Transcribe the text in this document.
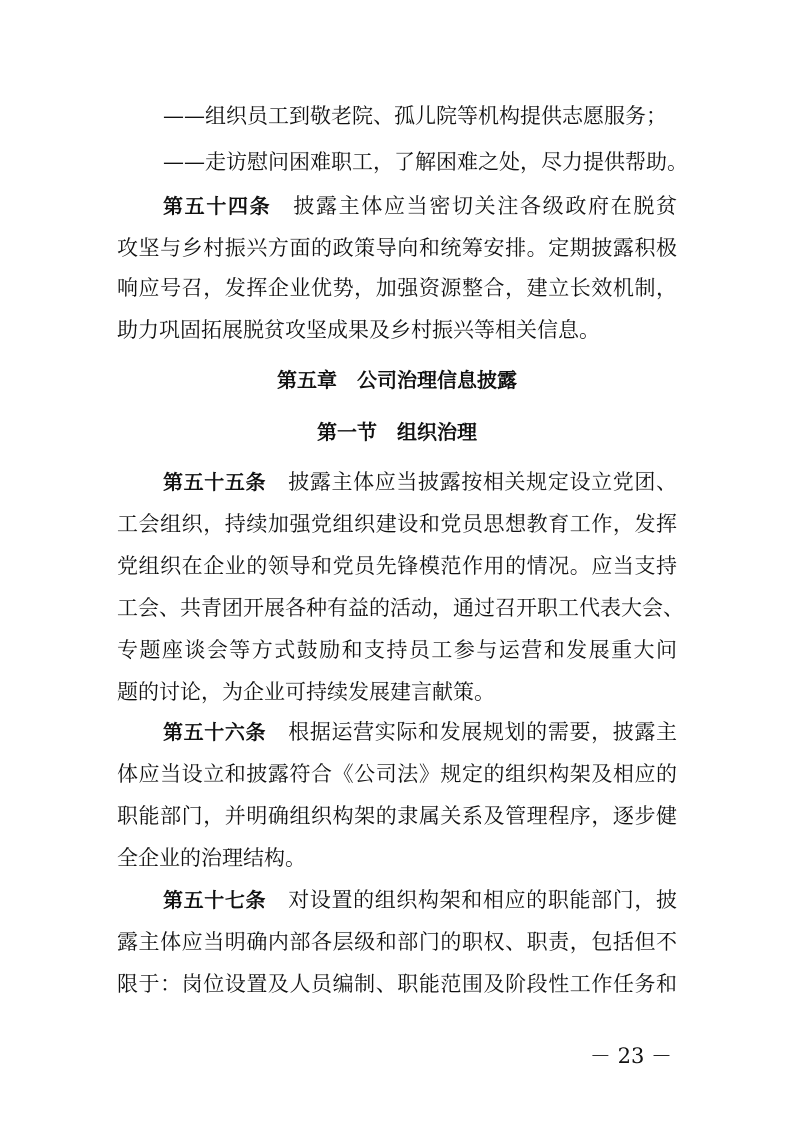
——组织员工到敬老院、孤儿院等机构提供志愿服务；
——走访慰问困难职工，了解困难之处，尽力提供帮助。
第五十四条 披露主体应当密切关注各级政府在脱贫
攻坚与乡村振兴方面的政策导向和统筹安排。定期披露积极
响应号召，发挥企业优势，加强资源整合，建立长效机制，
助力巩固拓展脱贫攻坚成果及乡村振兴等相关信息。
第五章　公司治理信息披露
第一节　组织治理
第五十五条 披露主体应当披露按相关规定设立党团、
工会组织，持续加强党组织建设和党员思想教育工作，发挥
党组织在企业的领导和党员先锋模范作用的情况。应当支持
工会、共青团开展各种有益的活动，通过召开职工代表大会、
专题座谈会等方式鼓励和支持员工参与运营和发展重大问
题的讨论，为企业可持续发展建言献策。
第五十六条 根据运营实际和发展规划的需要，披露主
体应当设立和披露符合《公司法》规定的组织构架及相应的
职能部门，并明确组织构架的隶属关系及管理程序，逐步健
全企业的治理结构。
第五十七条 对设置的组织构架和相应的职能部门，披
露主体应当明确内部各层级和部门的职权、职责，包括但不
限于：岗位设置及人员编制、职能范围及阶段性工作任务和
－ 23 －
